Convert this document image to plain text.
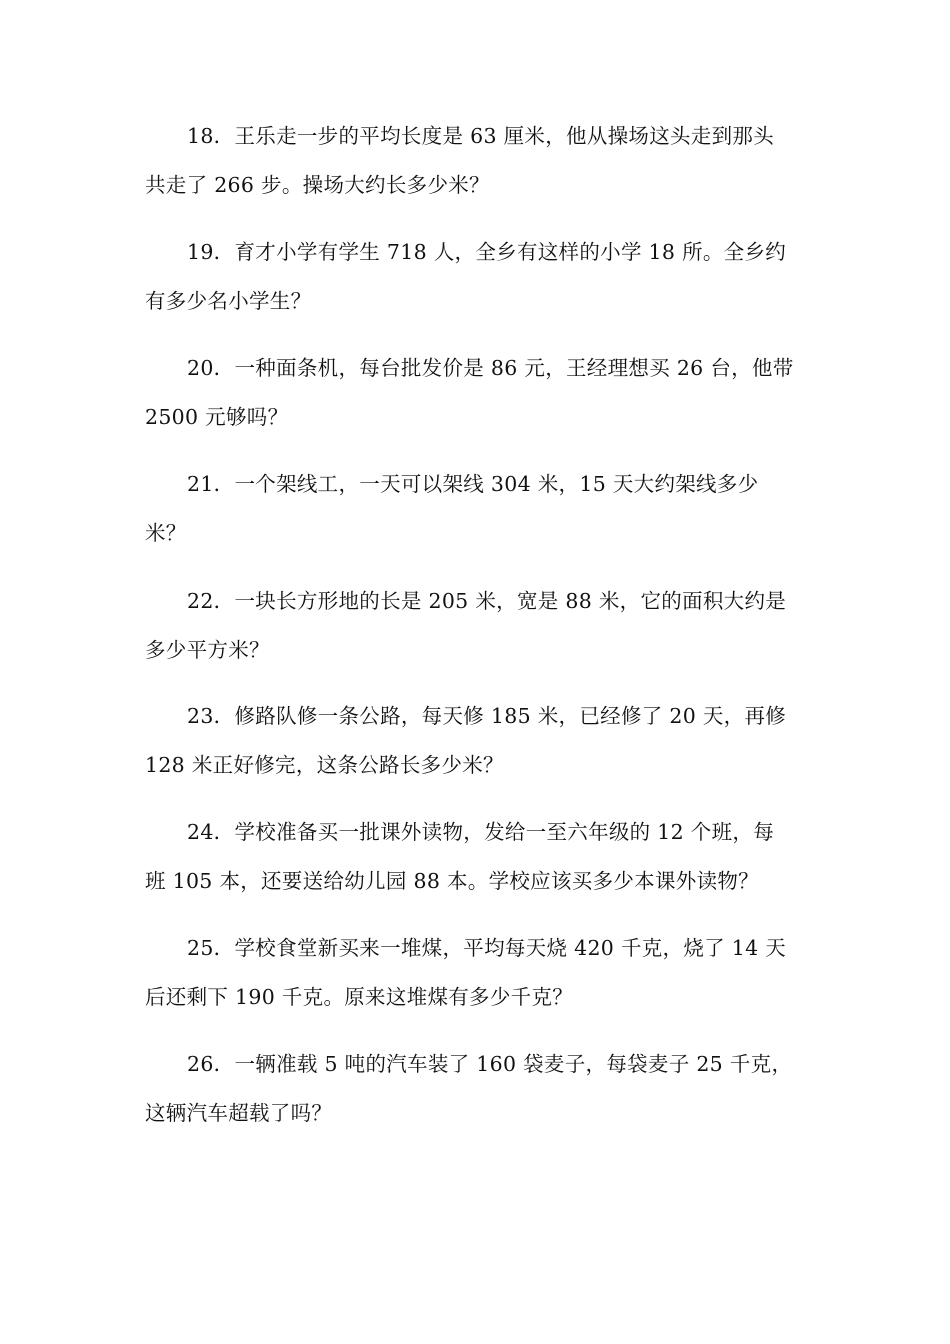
18．王乐走一步的平均长度是 63 厘米，他从操场这头走到那头
共走了 266 步。操场大约长多少米？
19．育才小学有学生 718 人，全乡有这样的小学 18 所。全乡约
有多少名小学生？
20．一种面条机，每台批发价是 86 元，王经理想买 26 台，他带
2500 元够吗？
21．一个架线工，一天可以架线 304 米，15 天大约架线多少
米？
22．一块长方形地的长是 205 米，宽是 88 米，它的面积大约是
多少平方米？
23．修路队修一条公路，每天修 185 米，已经修了 20 天，再修
128 米正好修完，这条公路长多少米？
24．学校准备买一批课外读物，发给一至六年级的 12 个班，每
班 105 本，还要送给幼儿园 88 本。学校应该买多少本课外读物？
25．学校食堂新买来一堆煤，平均每天烧 420 千克，烧了 14 天
后还剩下 190 千克。原来这堆煤有多少千克？
26．一辆准载 5 吨的汽车装了 160 袋麦子，每袋麦子 25 千克，
这辆汽车超载了吗？
